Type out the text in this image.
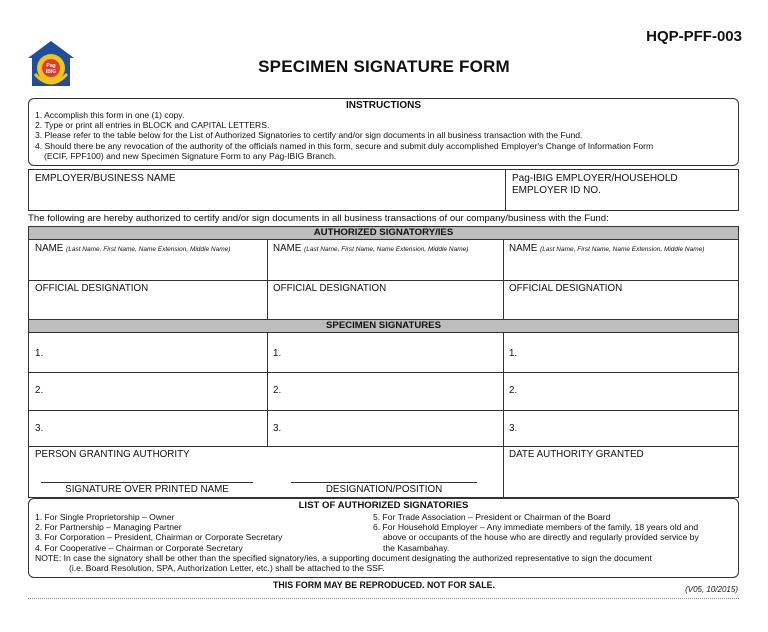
HQP-PFF-003
Pag
IBIG	SPECIMEN SIGNATURE FORM
INSTRUCTIONS
1. Accomplish this form in one (1) copy.
2. Type or print all entries in BLOCK and CAPITAL LETTERS.
3. Please refer to the table below for the List of Authorized Signatories to certify and/or sign documents in all business transaction with the Fund.
4. Should there be any revocation of the authority of the officials named in this form, secure and submit duly accomplished Employer's Change of Information Form
(ECIF, FPF100) and new Specimen Signature Form to any Pag-IBIG Branch.
EMPLOYER/BUSINESS NAME	Pag-IBIG EMPLOYER/HOUSEHOLD
EMPLOYER ID NO.
The following are hereby authorized to certify and/or sign documents in all business transactions of our company/business with the Fund:
AUTHORIZED SIGNATORY/IES
NAME (Last Name, First Name, Name Extension, Middle Name)	NAME (Last Name, First Name, Name Extension, Middle Name)	NAME (Last Name, First Name, Name Extension, Middle Name)
OFFICIAL DESIGNATION	OFFICIAL DESIGNATION	OFFICIAL DESIGNATION
SPECIMEN SIGNATURES
1.	1.	1.
2.	2.	2.
3.	3.	3.
PERSON GRANTING AUTHORITY	DATE AUTHORITY GRANTED
SIGNATURE OVER PRINTED NAME	DESIGNATION/POSITION
LIST OF AUTHORIZED SIGNATORIES
1. For Single Proprietorship – Owner
2. For Partnership – Managing Partner
3. For Corporation – President, Chairman or Corporate Secretary
4. For Cooperative – Chairman or Corporate Secretary
5. For Trade Association – President or Chairman of the Board
6. For Household Employer – Any immediate members of the family, 18 years old and
above or occupants of the house who are directly and regularly provided service by
the Kasambahay.
NOTE: In case the signatory shall be other than the specified signatory/ies, a supporting document designating the authorized representative to sign the document
(i.e. Board Resolution, SPA, Authorization Letter, etc.) shall be attached to the SSF.
THIS FORM MAY BE REPRODUCED. NOT FOR SALE.	(V05, 10/2015)
